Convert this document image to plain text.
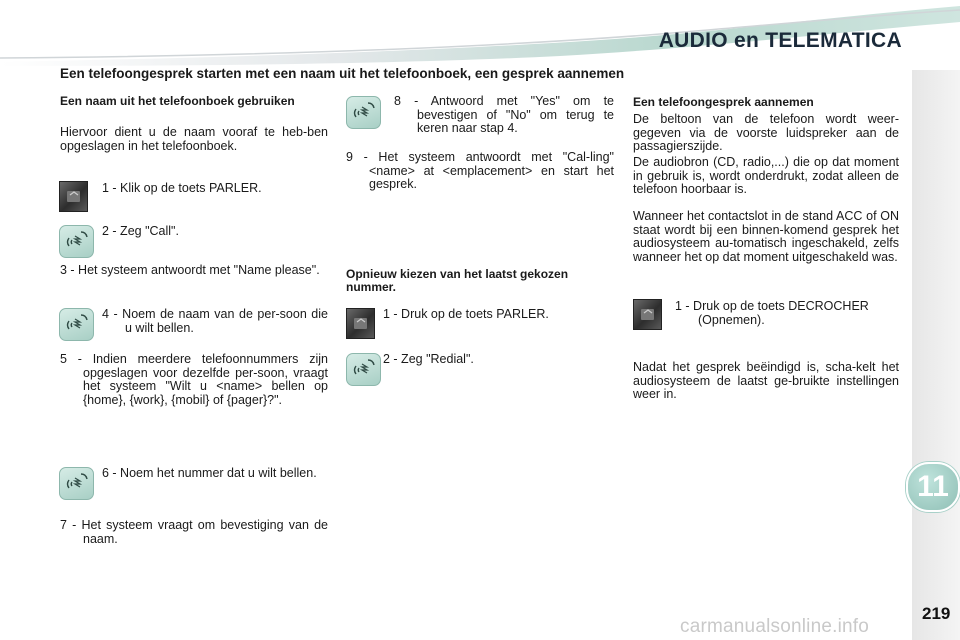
AUDIO en TELEMATICA
11
219
carmanualsonline.info
Een telefoongesprek starten met een naam uit het telefoonboek, een gesprek aannemen
Een naam uit het telefoonboek gebruiken
Hiervoor dient u de naam vooraf te heb-ben opgeslagen in het telefoonboek.
1 - Klik op de toets PARLER.
2 - Zeg "Call".
3 - Het systeem antwoordt met "Name please".
4 - Noem de naam van de per-soon die u wilt bellen.
5 - Indien meerdere telefoonnummers zijn opgeslagen voor dezelfde per-soon, vraagt het systeem "Wilt u <name> bellen op {home}, {work}, {mobil} of {pager}?".
6 - Noem het nummer dat u wilt bellen.
7 - Het systeem vraagt om bevestiging van de naam.
8 - Antwoord met "Yes" om te bevestigen of "No" om terug te keren naar stap 4.
9 - Het systeem antwoordt met "Cal-ling" <name> at <emplacement> en start het gesprek.
Opnieuw kiezen van het laatst gekozen nummer.
1 - Druk op de toets PARLER.
2 - Zeg "Redial".
Een telefoongesprek aannemen
De beltoon van de telefoon wordt weer-gegeven via de voorste luidspreker aan de passagierszijde.
De audiobron (CD, radio,...) die op dat moment in gebruik is, wordt onderdrukt, zodat alleen de telefoon hoorbaar is.
Wanneer het contactslot in de stand ACC of ON staat wordt bij een binnen-komend gesprek het audiosysteem au-tomatisch ingeschakeld, zelfs wanneer het op dat moment uitgeschakeld was.
1 - Druk op de toets DECROCHER (Opnemen).
Nadat het gesprek beëindigd is, scha-kelt het audiosysteem de laatst ge-bruikte instellingen weer in.
